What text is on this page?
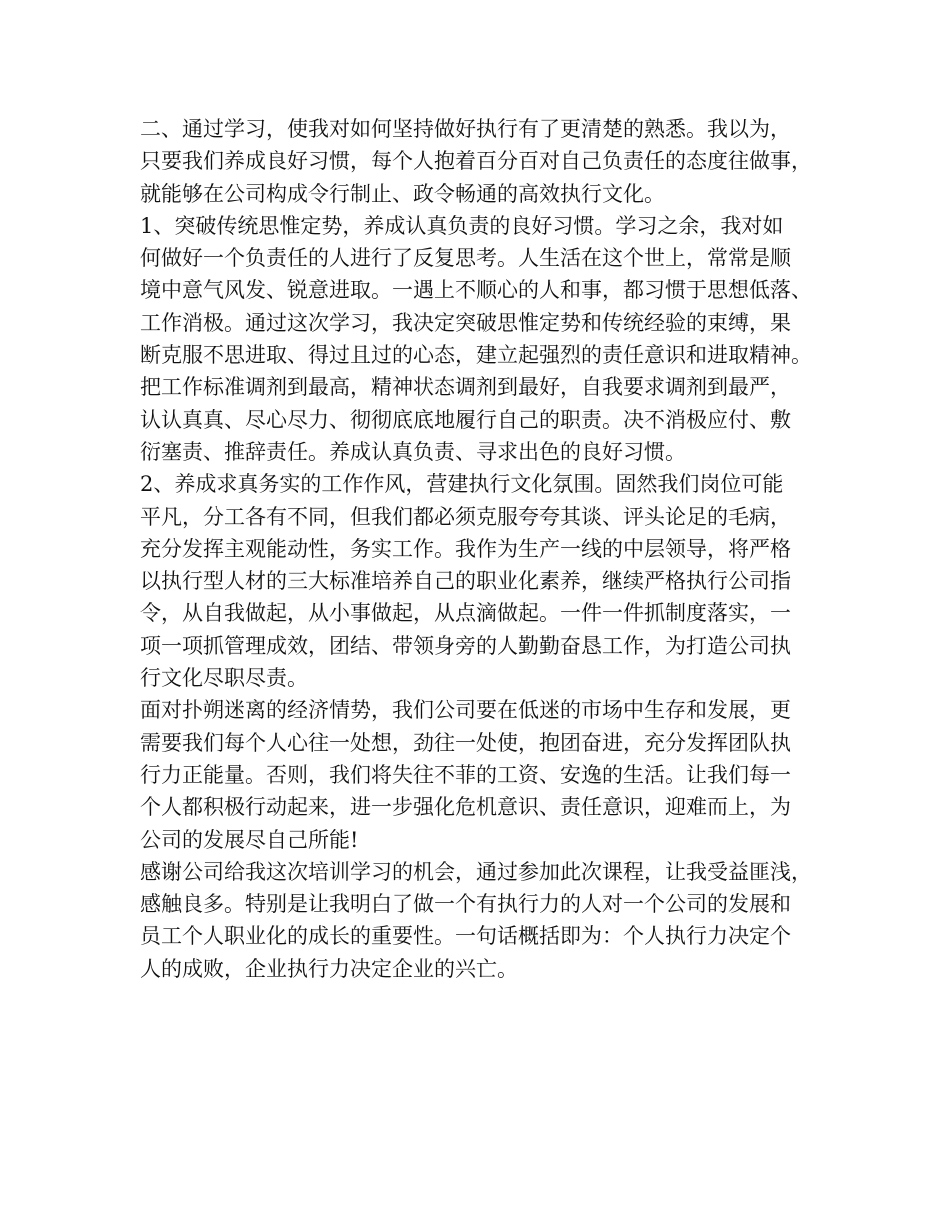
二、通过学习，使我对如何坚持做好执行有了更清楚的熟悉。我以为，
只要我们养成良好习惯，每个人抱着百分百对自己负责任的态度往做事，
就能够在公司构成令行制止、政令畅通的高效执行文化。
1、突破传统思惟定势，养成认真负责的良好习惯。学习之余，我对如
何做好一个负责任的人进行了反复思考。人生活在这个世上，常常是顺
境中意气风发、锐意进取。一遇上不顺心的人和事，都习惯于思想低落、
工作消极。通过这次学习，我决定突破思惟定势和传统经验的束缚，果
断克服不思进取、得过且过的心态，建立起强烈的责任意识和进取精神。
把工作标准调剂到最高，精神状态调剂到最好，自我要求调剂到最严，
认认真真、尽心尽力、彻彻底底地履行自己的职责。决不消极应付、敷
衍塞责、推辞责任。养成认真负责、寻求出色的良好习惯。
2、养成求真务实的工作作风，营建执行文化氛围。固然我们岗位可能
平凡，分工各有不同，但我们都必须克服夸夸其谈、评头论足的毛病，
充分发挥主观能动性，务实工作。我作为生产一线的中层领导，将严格
以执行型人材的三大标准培养自己的职业化素养，继续严格执行公司指
令，从自我做起，从小事做起，从点滴做起。一件一件抓制度落实，一
项一项抓管理成效，团结、带领身旁的人勤勤奋恳工作，为打造公司执
行文化尽职尽责。
面对扑朔迷离的经济情势，我们公司要在低迷的市场中生存和发展，更
需要我们每个人心往一处想，劲往一处使，抱团奋进，充分发挥团队执
行力正能量。否则，我们将失往不菲的工资、安逸的生活。让我们每一
个人都积极行动起来，进一步强化危机意识、责任意识，迎难而上，为
公司的发展尽自己所能!
感谢公司给我这次培训学习的机会，通过参加此次课程，让我受益匪浅，
感触良多。特别是让我明白了做一个有执行力的人对一个公司的发展和
员工个人职业化的成长的重要性。一句话概括即为：个人执行力决定个
人的成败，企业执行力决定企业的兴亡。
